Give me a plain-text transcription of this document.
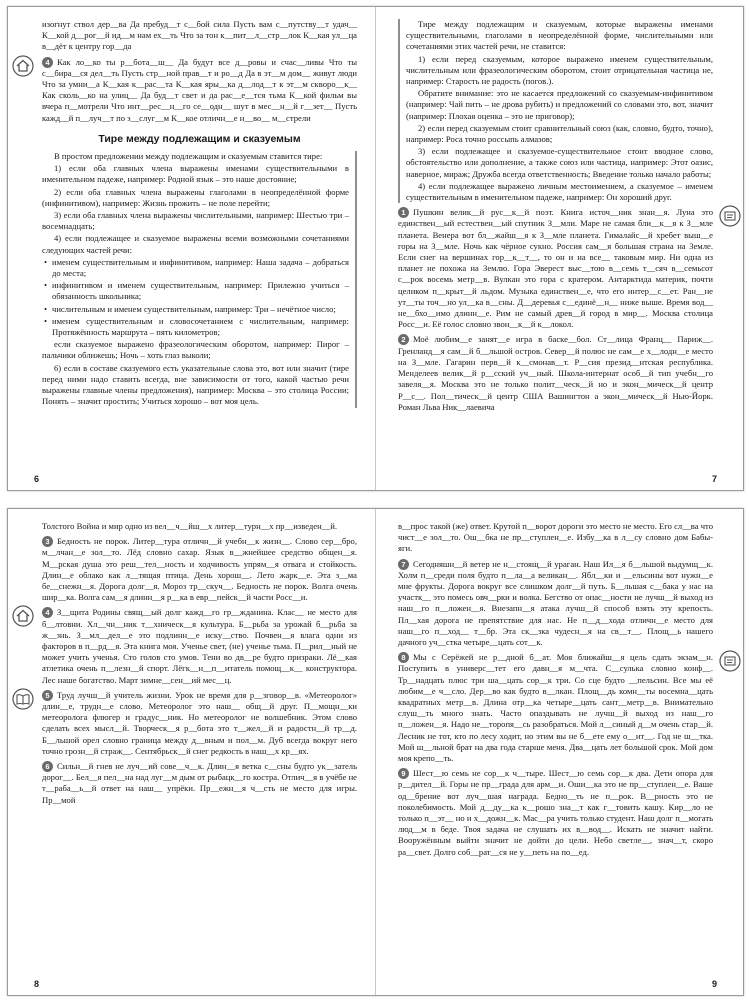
изогнут ствол дер__ва Да пребуд__т с__бой сила Пусть вам с__путству__т удач__ К__кой д__рог__й ид__м нам ех__ть Что за тон к__пит__л__стр__лок К__кая ул__ца в__дёт к центру гор__да

4 Как ло__ко ты р__бота__ш__ Да будут все д__ровы и счас__ливы Что ты с__бира__ся дел__ть Пусть стр__ной прав__т и ро__д Да в эт__м дом__ живут люди Что за умни__а К__кая к__рас__та К__кая яры__ка д__лод__т к эт__м скворо__к__ Как сколь__ко на улиц__ Да буд__т свет и да рас__е__тся тьма К__кой фильм вы вчера п__мотрели Что инт__рес__н__го се__одн__ шут в мес__н__й г__зет__ Пусть кажд__й п__луч__т по з__слуг__м К__кое отличн__е н__во__ м__стрели

Тире между подлежащим и сказуемым

В простом предложении между подлежащим и сказуемым ставится тире:

1) если оба главных члена выражены именами существительными в именительном падеже, например: Родной язык – это наше достояние;

2) если оба главных члена выражены глаголами в неопределённой форме (инфинитивом), например: Жизнь прожить – не поле перейти;

3) если оба главных члена выражены числительными, например: Шестью три – восемнадцать;

4) если подлежащее и сказуемое выражены всеми возможными сочетаниями следующих частей речи:

• именем существительным и инфинитивом, например: Наша задача – добраться до места;

• инфинитивом и именем существительным, например: Прилежно учиться – обязанность школьника;

• числительным и именем существительным, например: Три – нечётное число;

• именем существительным и словосочетанием с числительным, например: Протяжённость маршрута – пять километров;

если сказуемое выражено фразеологическим оборотом, например: Пирог – пальчики оближешь; Ночь – хоть глаз выколи;

6) если в составе сказуемого есть указательные слова это, вот или значит (тире перед ними надо ставить всегда, вне зависимости от того, какой частью речи выражены главные члены предложения), например: Москва – это столица России; Понять – значит простить; Учиться хорошо – вот моя цель.

6

Тире между подлежащим и сказуемым, которые выражены именами существительными, глаголами в неопределённой форме, числительными или сочетаниями этих частей речи, не ставится:

1) если перед сказуемым, которое выражено именем существительным, числительным или фразеологическим оборотом, стоит отрицательная частица не, например: Старость не радость (погов.).

Обратите внимание: это не касается предложений со сказуемым-инфинитивом (например: Чай пить – не дрова рубить) и предложений со словами это, вот, значит (например: Плохая оценка – это не приговор);

2) если перед сказуемым стоит сравнительный союз (как, словно, будто, точно), например: Роса точно россыпь алмазов;

3) если подлежащее и сказуемое-существительное стоит вводное слово, обстоятельство или дополнение, а также союз или частица, например: Этот оазис, наверное, мираж; Дружба всегда ответственность; Введение только начало работы;

4) если подлежащее выражено личным местоимением, а сказуемое – именем существительным в именительном падеже, например: Он хороший друг.

1 Пушкин велик__й рус__к__й поэт. Книга источ__ник знан__я. Луна это единствен__ый естествен__ый спутник З__мли. Маре не самая бли__к__я к З__мле планета. Венера вот бл__жайш__я к З__мле планета. Гималайс__й хребет выш__е горы на З__мле. Ночь как чёрное сукно. Россия сам__я большая страна на Земле. Если снег на вершинах гор__к__т__, то он и на все__ таковым мир. Ни одна из планет не похожа на Землю. Гора Эверест выс__тою в__семь т__сяч в__семьсот с__рок восемь метр__в. Вулкан это гора с кратером. Антарктида материк, почти целиком п__крыт__й льдом. Музыка единствен__е, что его интер__с__ет. Ран__не ут__ты точ__но ул__ка в__сны. Д__деревья с__единё__н__ ниже выше. Время вод__ не__бхо__имо длинн__е. Рим не самый древ__й город в мир__. Москва столица Росс__и. Её голос словно звон__к__й к__локол.

2 Моё любим__е занят__е игра в баске__бол. Ст__лица Франц__ Париж__. Гренланд__я сам__й б__льшой остров. Север__й полюс не сам__е х__лодн__е место на З__мле. Гагарин перв__й к__смонав__т. Р__сия презид__нтская республика. Менделеев велик__й р__сский уч__ный. Школа-интернат особ__й тип учебн__го завеля__я. Москва это не только полит__ческ__й но и экон__мическ__й центр Р__с__. Пол__тическ__й центр США Вашингтон а экон__мическ__й Нью-Йорк. Роман Льва Ник__лаевича

7

Толстого Война и мир одно из вел__ч__йш__х литер__турн__х пр__изведен__й.

3 Бедность не порок. Литер__тура отличн__й учебн__к жизн__. Слово сер__бро, м__лчан__е зол__то. Лёд словно сахар. Язык в__жнейшее средство общен__я. М__рская душа это реш__тел__ность и ходчивость упрям__я отвага и стойкость. Длин__е облако как л__тящая птица. День хорош__. Лето жарк__е. Эта з__ма бе__снежн__я. Дорога долг__я. Мороз тр__скуч__. Бедность не порок. Волга очень шир__ка. Волга сам__я длинн__я р__ка в евр__пейск__й части Росс__и.

4 З__щита Родины свящ__ый долг кажд__го гр__жданина. Клас__ не место для б__лтовни. Хл__чн__ник т__хническ__я культура. Б__рьба за урожай б__рьба за ж__знь. З__мл__дел__е это подлинн__е иску__ство. Почвен__я влага одни из факторов в п__рд__я. Эта книга моя. Ученье свет, (не) ученье тьма. П__рил__ный не может учить ученья. Сто голов сто умов. Тени во дв__ре будто призраки. Лё__кая атлетика очень п__лезн__й спорт. Лёгк__н__п__итатель помощ__к__ конструктора. Лес наше богатство. Март зимне__сен__ий мес__ц.

5 Труд лучш__й учитель жизни. Урок не время для р__зговор__в. «Метеоролог» длин__е, трудн__е слово. Метеоролог это наш__ общ__й друг. П__мощн__ки метеоролога флюгер и градус__ник. Но метеоролог не волшебник. Этом слово сделать всех мысл__й. Творческ__я р__бота это т__жел__й и радостн__й тр__д. Б__льшой орел словно граница между д__вным и пол__м. Дуб всегда вокруг него точно грозн__й страж__. Сентябрьск__й снег редкость в наш__х кр__ях.

6 Сильн__й гнев не луч__ий сове__ч__к. Длин__я ветка с__сны будто ук__затель дорог__. Бел__я пел__на над луг__м дым от рыбацк__го костра. Отлич__я в учёбе не т__раба__ь__й ответ на наш__ упрёки. Пр__ежн__я ч__сть не место для игры. Пр__мой

8

в__прос такой (же) ответ. Крутой п__ворот дороги это место не место. Его сл__ва что чист__е зол__то. Ош__бка не пр__ступлен__е. Избу__ка в л__су словно дом Бабы-яги.

7 Сегодняшн__й ветер не н__стоящ__й ураган. Наш Ил__я б__льшой выдумщ__к. Холм п__среди поля будто п__ла__а великан__. Ябл__ки и __ельсины вот нужн__е мне фрукты. Дорога вокруг все слишком долг__й путь. Б__льшая с__бака у нас на участк__ это помесь овч__рки и волка. Бегство от опас__ности не лучш__й выход из наш__го п__ложен__я. Внезапн__я атака лучш__й способ взять эту крепость. Пл__хая дорога не препятствие для нас. Не п__д__хода отличн__е место для наш__го п__ход__ т__бр. Эта ск__зка чудесн__я на св__т__. Площ__ь нашего дачного уч__стка четыре__цать сот__к.

8 Мы с Серёжей не р__дной б__ат. Моя ближайш__я цель сдать экзам__н. Поступить в универс__тет его давн__я м__чта. С__сулька словно конф__. Тр__надцать плюс три ша__цать сор__к три. Со сце будто __пельсин. Все мы её любим__е ч__сло. Дер__во как будто в__лкан. Площ__дь комн__ты восемна__цать квадратных метр__в. Длина отр__ка четыре__цать сант__метр__в. Внимательно слуш__ть много знать. Часто опаздывать не лучш__й выход из наш__го п__ложен__я. Надо не__торопя__сь разобраться. Мой л__синый д__м очень стар__й. Лесник не тот, кто по лесу ходит, но этим вы не б__ете ему о__ит__. Год не ш__тка. Мой ш__льной брат на два года старше меня. Два__цать лет большой срок. Мой дом моя крепо__ть.

9 Шест__ю семь не сор__к ч__тыре. Шест__ю семь сор__к два. Дети опора для р__дител__й. Горы не пр__града для арм__и. Оши__ка это не пр__ступлен__е. Ваше од__брение вот луч__шая награда. Бедно__ть не п__рок. В__рность это не поколебимость. Мой д__ду__ка к__рошо зна__т как г__товить кашу. Кир__ло не только п__эт__ но и х__дожн__к. Мас__ра учить только студент. Наш долг п__могать люд__м в беде. Твоя задача не слушать их в__вод__. Искать не значит найти. Вооружённым выйти значит не дойти до цели. Небо светле__, знач__т, скоро ра__свет. Долго соб__рат__ся не у__петь на по__ед.

9
